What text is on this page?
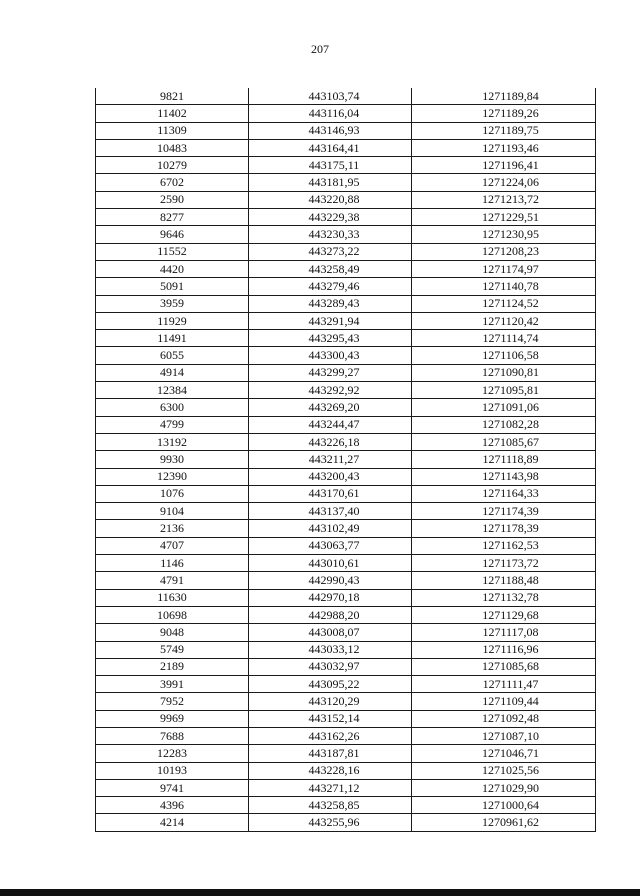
207
9821	443103,74	1271189,84
11402	443116,04	1271189,26
11309	443146,93	1271189,75
10483	443164,41	1271193,46
10279	443175,11	1271196,41
6702	443181,95	1271224,06
2590	443220,88	1271213,72
8277	443229,38	1271229,51
9646	443230,33	1271230,95
11552	443273,22	1271208,23
4420	443258,49	1271174,97
5091	443279,46	1271140,78
3959	443289,43	1271124,52
11929	443291,94	1271120,42
11491	443295,43	1271114,74
6055	443300,43	1271106,58
4914	443299,27	1271090,81
12384	443292,92	1271095,81
6300	443269,20	1271091,06
4799	443244,47	1271082,28
13192	443226,18	1271085,67
9930	443211,27	1271118,89
12390	443200,43	1271143,98
1076	443170,61	1271164,33
9104	443137,40	1271174,39
2136	443102,49	1271178,39
4707	443063,77	1271162,53
1146	443010,61	1271173,72
4791	442990,43	1271188,48
11630	442970,18	1271132,78
10698	442988,20	1271129,68
9048	443008,07	1271117,08
5749	443033,12	1271116,96
2189	443032,97	1271085,68
3991	443095,22	1271111,47
7952	443120,29	1271109,44
9969	443152,14	1271092,48
7688	443162,26	1271087,10
12283	443187,81	1271046,71
10193	443228,16	1271025,56
9741	443271,12	1271029,90
4396	443258,85	1271000,64
4214	443255,96	1270961,62
